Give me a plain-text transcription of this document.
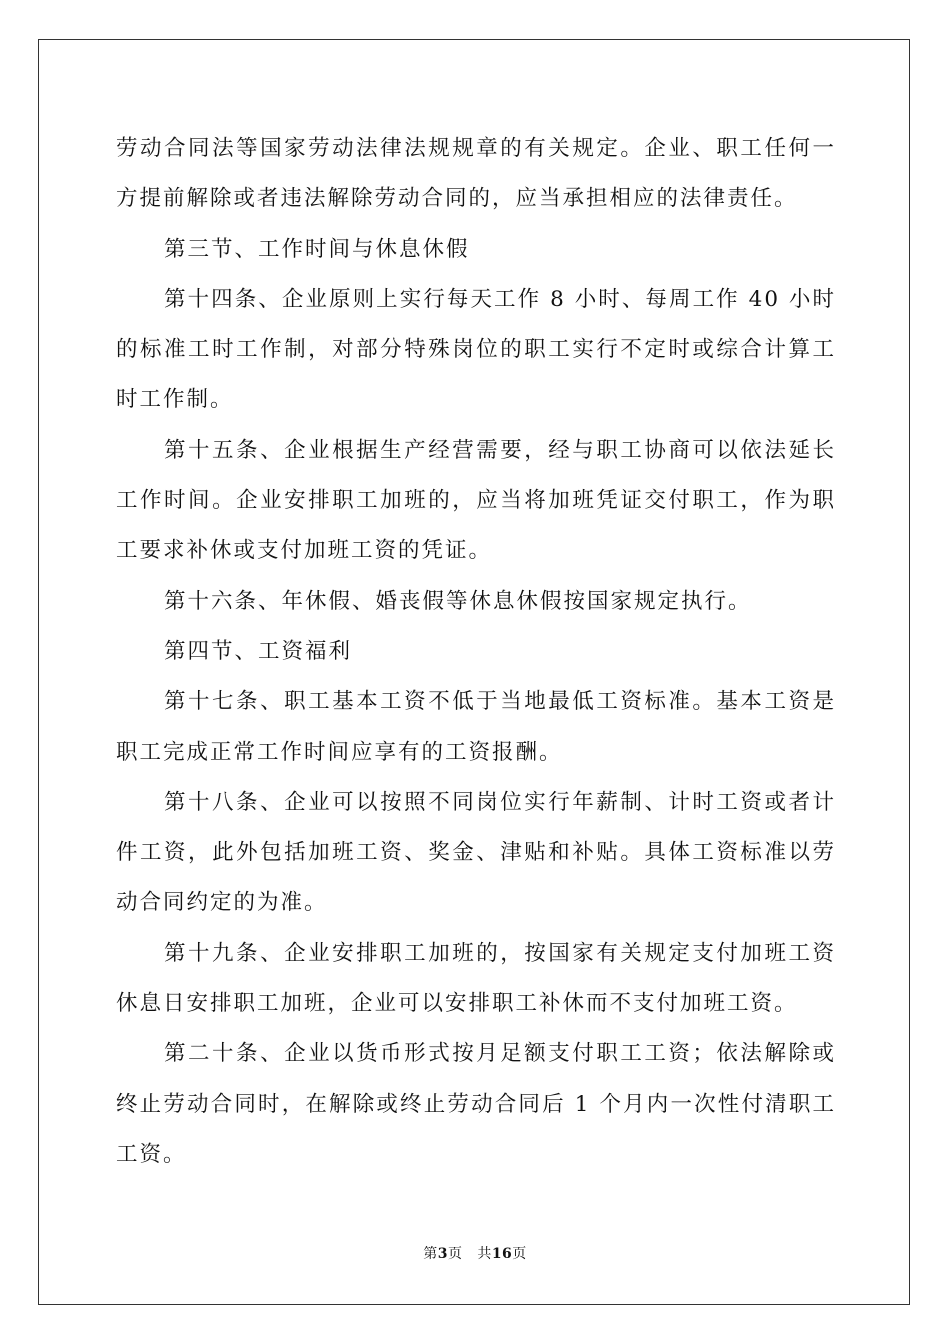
劳动合同法等国家劳动法律法规规章的有关规定。企业、职工任何一方提前解除或者违法解除劳动合同的，应当承担相应的法律责任。

第三节、工作时间与休息休假

第十四条、企业原则上实行每天工作 8 小时、每周工作 40 小时的标准工时工作制，对部分特殊岗位的职工实行不定时或综合计算工时工作制。

第十五条、企业根据生产经营需要，经与职工协商可以依法延长工作时间。企业安排职工加班的，应当将加班凭证交付职工，作为职工要求补休或支付加班工资的凭证。

第十六条、年休假、婚丧假等休息休假按国家规定执行。

第四节、工资福利

第十七条、职工基本工资不低于当地最低工资标准。基本工资是职工完成正常工作时间应享有的工资报酬。

第十八条、企业可以按照不同岗位实行年薪制、计时工资或者计件工资，此外包括加班工资、奖金、津贴和补贴。具体工资标准以劳动合同约定的为准。

第十九条、企业安排职工加班的，按国家有关规定支付加班工资休息日安排职工加班，企业可以安排职工补休而不支付加班工资。

第二十条、企业以货币形式按月足额支付职工工资；依法解除或终止劳动合同时，在解除或终止劳动合同后 1 个月内一次性付清职工工资。

第3页 共16页
